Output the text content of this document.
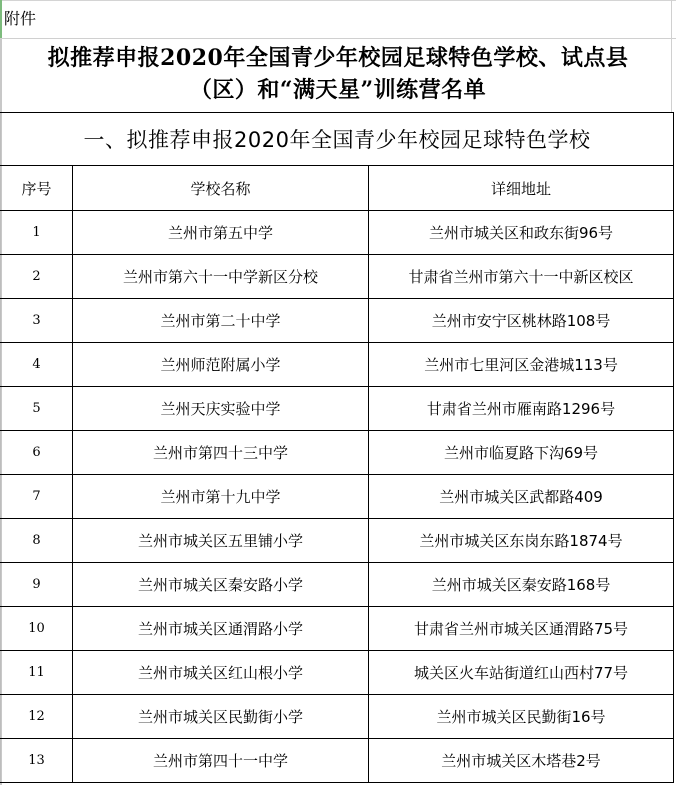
附件
拟推荐申报2020年全国青少年校园足球特色学校、试点县
（区）和“满天星”训练营名单
一、拟推荐申报2020年全国青少年校园足球特色学校		
序号	学校名称	详细地址
1	兰州市第五中学	兰州市城关区和政东街96号
2	兰州市第六十一中学新区分校	甘肃省兰州市第六十一中新区校区
3	兰州市第二十中学	兰州市安宁区桃林路108号
4	兰州师范附属小学	兰州市七里河区金港城113号
5	兰州天庆实验中学	甘肃省兰州市雁南路1296号
6	兰州市第四十三中学	兰州市临夏路下沟69号
7	兰州市第十九中学	兰州市城关区武都路409
8	兰州市城关区五里铺小学	兰州市城关区东岗东路1874号
9	兰州市城关区秦安路小学	兰州市城关区秦安路168号
10	兰州市城关区通渭路小学	甘肃省兰州市城关区通渭路75号
11	兰州市城关区红山根小学	城关区火车站街道红山西村77号
12	兰州市城关区民勤街小学	兰州市城关区民勤街16号
13	兰州市第四十一中学	兰州市城关区木塔巷2号
